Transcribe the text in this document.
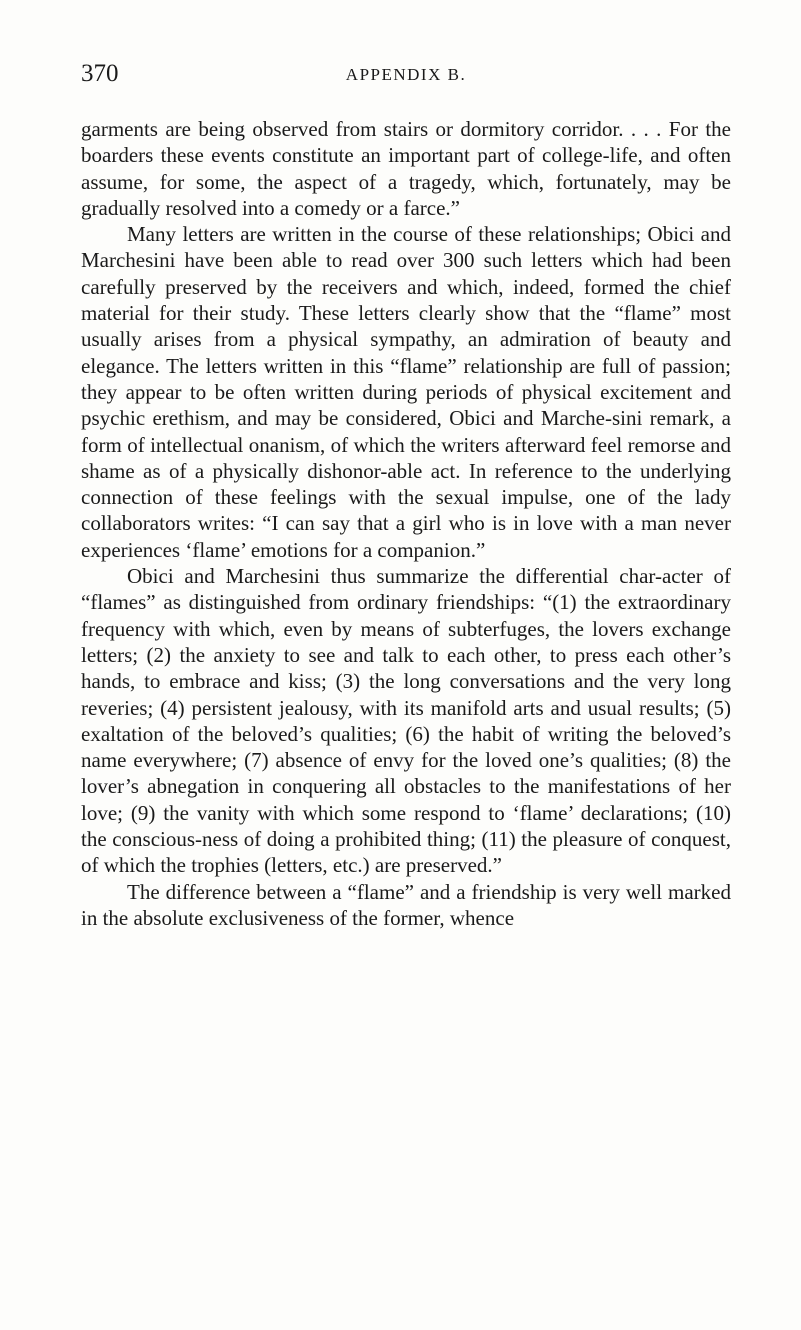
370	APPENDIX B.

garments are being observed from stairs or dormitory corridor. . . . For the boarders these events constitute an important part of college-life, and often assume, for some, the aspect of a tragedy, which, fortunately, may be gradually resolved into a comedy or a farce.”

Many letters are written in the course of these relationships; Obici and Marchesini have been able to read over 300 such letters which had been carefully preserved by the receivers and which, indeed, formed the chief material for their study. These letters clearly show that the “flame” most usually arises from a physical sympathy, an admiration of beauty and elegance. The letters written in this “flame” relationship are full of passion; they appear to be often written during periods of physical excitement and psychic erethism, and may be considered, Obici and Marche-sini remark, a form of intellectual onanism, of which the writers afterward feel remorse and shame as of a physically dishonor-able act. In reference to the underlying connection of these feelings with the sexual impulse, one of the lady collaborators writes: “I can say that a girl who is in love with a man never experiences ‘flame’ emotions for a companion.”

Obici and Marchesini thus summarize the differential char-acter of “flames” as distinguished from ordinary friendships: “(1) the extraordinary frequency with which, even by means of subterfuges, the lovers exchange letters; (2) the anxiety to see and talk to each other, to press each other’s hands, to embrace and kiss; (3) the long conversations and the very long reveries; (4) persistent jealousy, with its manifold arts and usual results; (5) exaltation of the beloved’s qualities; (6) the habit of writing the beloved’s name everywhere; (7) absence of envy for the loved one’s qualities; (8) the lover’s abnegation in conquering all obstacles to the manifestations of her love; (9) the vanity with which some respond to ‘flame’ declarations; (10) the conscious-ness of doing a prohibited thing; (11) the pleasure of conquest, of which the trophies (letters, etc.) are preserved.”

The difference between a “flame” and a friendship is very well marked in the absolute exclusiveness of the former, whence
